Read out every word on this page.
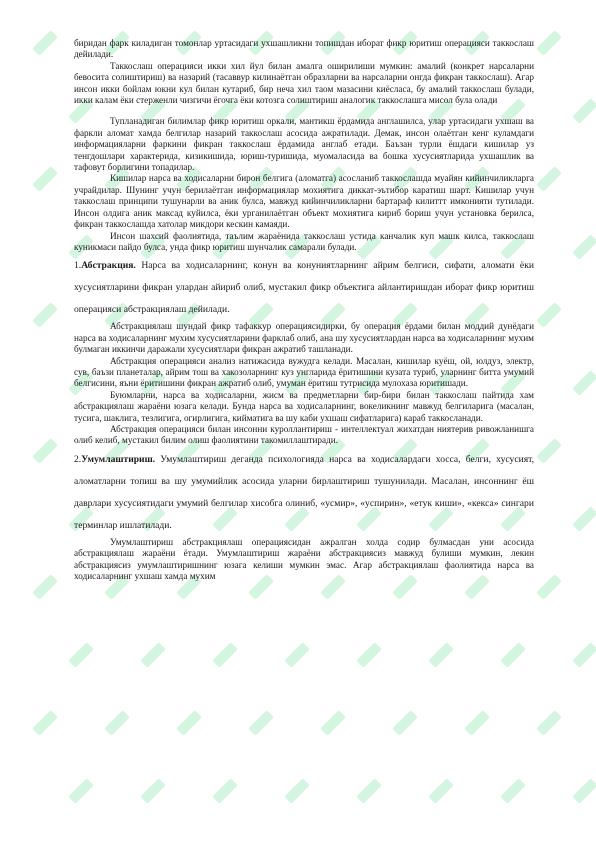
биридан фарк киладиган томонлар уртасидаги ухшашликни топишдан иборат фикр юритиш операцияси таккослаш дейилади.

Таккослаш операцияси икки хил йул билан амалга оширилиши мумкин: амалий (конкрет нарсаларни бевосита солиштириш) ва назарий (тасаввур килинаётган образларни ва нарсаларни онгда фикран таккослаш). Агар инсон икки бойлам юкни кул билан кутариб, бир неча хил таом мазасини киёсласа, бу амалий таккослаш булади, икки калам ёки стерженли чизгичи ёгочга ёки котозга солиштириш аналогик таккослашга мисол була олади

Тупланадиган билимлар фикр юритиш оркали, мантикш ёрдамида англашилса, улар уртасидаги ухшаш ва фаркли аломат хамда белгилар назарий таккослаш асосида ажратилади. Демак, инсон олаётган кенг куламдаги информацияларни фаркини фикран таккослаш ёрдамида англаб етади. Баъзан турли ёшдаги кишилар уз тенгдошлари характерида, кизикишида, юриш-туришида, муомаласида ва бошка хусусиятларида ухшашлик ва тафовут борлигини топадилар.

Кишилар нарса ва ходисаларни бирон белгига (аломатга) асосланиб таккослашда муайян кийинчиликларга учрайдилар. Шунинг учун берилаётган информациялар мохиятига диккат-эътибор каратиш шарт. Кишилар учун таккослаш принципи тушунарли ва аник булса, мавжуд кийинчиликларни бартараф килиттт имконияти тутилади. Инсон олдига аник максад куйилса, ёки урганилаётган объект мохиятига кириб бориш учун установка берилса, фикран таккослашда хатолар микдори кескин камаяди.

Инсон шахсий фаолиятида, таълим жараёнида таккослаш устида канчалик куп машк килса, таккослаш куникмаси пайдо булса, унда фикр юритиш шунчалик самарали булади.

1.Абстракция. Нарса ва ходисаларнинг, конун ва конуниятларнинг айрим белгиси, сифати, аломати ёки хусусиятларини фикран улардан айириб олиб, мустакил фикр объектига айлантиришдан иборат фикр юритиш операцияси абстракциялаш дейилади.

Абстракциялаш шундай фикр тафаккур операциясидирки, бу операция ёрдами билан моддий дунёдаги нарса ва ходисаларнинг мухим хусусиятларини фарклаб олиб, ана шу хусусиятлардан нарса ва ходисаларнинг мухим булмаган иккинчи даражали хусусиятлари фикран ажратиб ташланади.

Абстракция операцияси анализ натижасида вужудга келади. Масалан, кишилар куёш, ой, юлдуз, электр, сув, баъзи планеталар, айрим тош ва хакозоларнинг куз унгларида ёритишини кузата туриб, уларнинг битта умумий белгисини, яъни ёритишини фикран ажратиб олиб, умуман ёритиш тутрисида мулохаза юритишади.

Буюмларни, нарса ва ходисаларни, жисм ва предметларни бир-бири билан таккослаш пайтида хам абстракциялаш жараёни юзага келади. Бунда нарса ва ходисаларнинг, вокеликнинг мавжуд белгиларига (масалан, тусига, шаклига, тезлигига, огирлигига, кийматига ва шу каби ухшаш сифатларига) караб таккосланади.

Абстракция операцияси билан инсонни куроллантириш - интеллектуал жихатдан ниятерив ривожланишга олиб келиб, мустакил билим олиш фаолиятини такомиллаштиради.

2.Умумлаштириш. Умумлаштириш деганда психологияда нарса ва ходисалардаги хосса, белги, хусусият, аломатларни топиш ва шу умумийлик асосида уларни бирлаштириш тушунилади. Масалан, инсоннинг ёш даврлари хусусиятидаги умумий белгилар хисобга олиниб, «усмир», «успирин», «етук киши», «кекса» сингари терминлар ишлатилади.

Умумлаштириш абстракциялаш операциясидан ажралган холда содир булмасдан уни асосида абстракциялаш жараёни ётади. Умумлаштириш жараёни абстракциясиз мавжуд булиши мумкин, лекин абстракциясиз умумлаштиришнинг юзага келиши мумкин эмас. Агар абстракциялаш фаолиятида нарса ва ходисаларнинг ухшаш хамда мухим
